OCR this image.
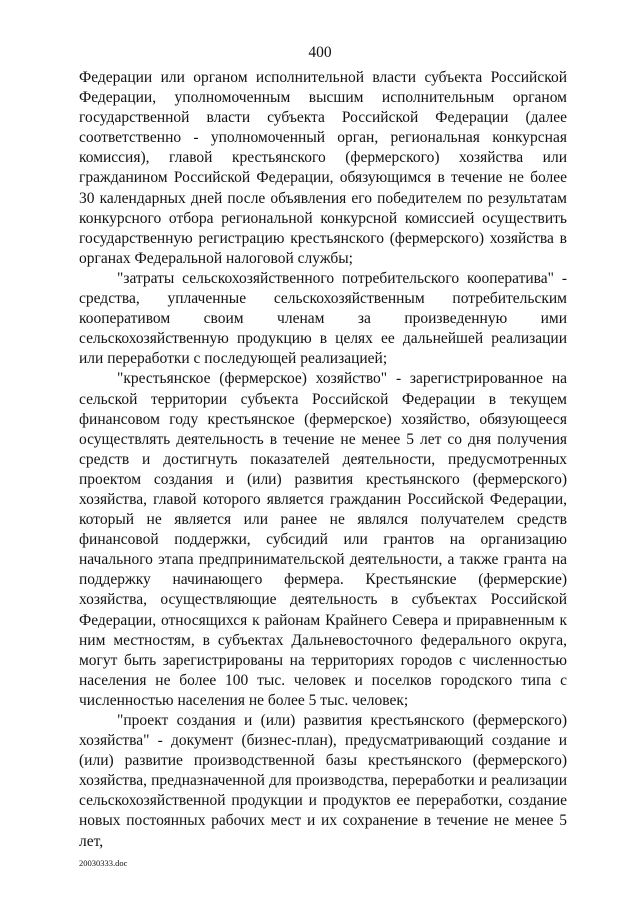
400

Федерации или органом исполнительной власти субъекта Российской Федерации, уполномоченным высшим исполнительным органом государственной власти субъекта Российской Федерации (далее соответственно - уполномоченный орган, региональная конкурсная комиссия), главой крестьянского (фермерского) хозяйства или гражданином Российской Федерации, обязующимся в течение не более 30 календарных дней после объявления его победителем по результатам конкурсного отбора региональной конкурсной комиссией осуществить государственную регистрацию крестьянского (фермерского) хозяйства в органах Федеральной налоговой службы;

"затраты сельскохозяйственного потребительского кооператива" - средства, уплаченные сельскохозяйственным потребительским кооперативом своим членам за произведенную ими сельскохозяйственную продукцию в целях ее дальнейшей реализации или переработки с последующей реализацией;

"крестьянское (фермерское) хозяйство" - зарегистрированное на сельской территории субъекта Российской Федерации в текущем финансовом году крестьянское (фермерское) хозяйство, обязующееся осуществлять деятельность в течение не менее 5 лет со дня получения средств и достигнуть показателей деятельности, предусмотренных проектом создания и (или) развития крестьянского (фермерского) хозяйства, главой которого является гражданин Российской Федерации, который не является или ранее не являлся получателем средств финансовой поддержки, субсидий или грантов на организацию начального этапа предпринимательской деятельности, а также гранта на поддержку начинающего фермера. Крестьянские (фермерские) хозяйства, осуществляющие деятельность в субъектах Российской Федерации, относящихся к районам Крайнего Севера и приравненным к ним местностям, в субъектах Дальневосточного федерального округа, могут быть зарегистрированы на территориях городов с численностью населения не более 100 тыс. человек и поселков городского типа с численностью населения не более 5 тыс. человек;

"проект создания и (или) развития крестьянского (фермерского) хозяйства" - документ (бизнес-план), предусматривающий создание и (или) развитие производственной базы крестьянского (фермерского) хозяйства, предназначенной для производства, переработки и реализации сельскохозяйственной продукции и продуктов ее переработки, создание новых постоянных рабочих мест и их сохранение в течение не менее 5 лет,

20030333.doc
